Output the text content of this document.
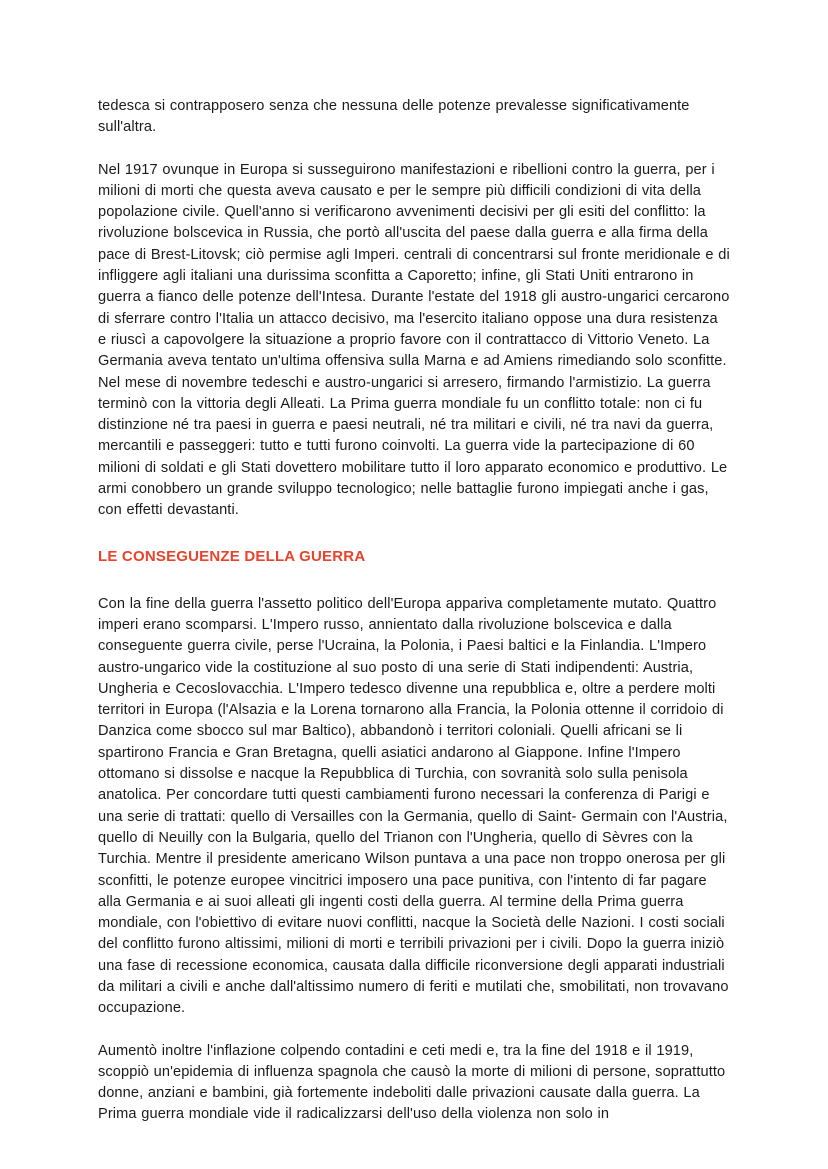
tedesca si contrapposero senza che nessuna delle potenze prevalesse significativamente sull'altra.

Nel 1917 ovunque in Europa si susseguirono manifestazioni e ribellioni contro la guerra, per i milioni di morti che questa aveva causato e per le sempre più difficili condizioni di vita della popolazione civile. Quell'anno si verificarono avvenimenti decisivi per gli esiti del conflitto: la rivoluzione bolscevica in Russia, che portò all'uscita del paese dalla guerra e alla firma della pace di Brest-Litovsk; ciò permise agli Imperi. centrali di concentrarsi sul fronte meridionale e di infliggere agli italiani una durissima sconfitta a Caporetto; infine, gli Stati Uniti entrarono in guerra a fianco delle potenze dell'Intesa. Durante l'estate del 1918 gli austro-ungarici cercarono di sferrare contro l'Italia un attacco decisivo, ma l'esercito italiano oppose una dura resistenza e riuscì a capovolgere la situazione a proprio favore con il contrattacco di Vittorio Veneto. La Germania aveva tentato un'ultima offensiva sulla Marna e ad Amiens rimediando solo sconfitte. Nel mese di novembre tedeschi e austro-ungarici si arresero, firmando l'armistizio. La guerra terminò con la vittoria degli Alleati. La Prima guerra mondiale fu un conflitto totale: non ci fu distinzione né tra paesi in guerra e paesi neutrali, né tra militari e civili, né tra navi da guerra, mercantili e passeggeri: tutto e tutti furono coinvolti. La guerra vide la partecipazione di 60 milioni di soldati e gli Stati dovettero mobilitare tutto il loro apparato economico e produttivo. Le armi conobbero un grande sviluppo tecnologico; nelle battaglie furono impiegati anche i gas, con effetti devastanti.

LE CONSEGUENZE DELLA GUERRA

Con la fine della guerra l'assetto politico dell'Europa appariva completamente mutato. Quattro imperi erano scomparsi. L'Impero russo, annientato dalla rivoluzione bolscevica e dalla conseguente guerra civile, perse l'Ucraina, la Polonia, i Paesi baltici e la Finlandia. L'Impero austro-ungarico vide la costituzione al suo posto di una serie di Stati indipendenti: Austria, Ungheria e Cecoslovacchia. L'Impero tedesco divenne una repubblica e, oltre a perdere molti territori in Europa (l'Alsazia e la Lorena tornarono alla Francia, la Polonia ottenne il corridoio di Danzica come sbocco sul mar Baltico), abbandonò i territori coloniali. Quelli africani se li spartirono Francia e Gran Bretagna, quelli asiatici andarono al Giappone. Infine l'Impero ottomano si dissolse e nacque la Repubblica di Turchia, con sovranità solo sulla penisola anatolica. Per concordare tutti questi cambiamenti furono necessari la conferenza di Parigi e una serie di trattati: quello di Versailles con la Germania, quello di Saint- Germain con l'Austria, quello di Neuilly con la Bulgaria, quello del Trianon con l'Ungheria, quello di Sèvres con la Turchia. Mentre il presidente americano Wilson puntava a una pace non troppo onerosa per gli sconfitti, le potenze europee vincitrici imposero una pace punitiva, con l'intento di far pagare alla Germania e ai suoi alleati gli ingenti costi della guerra. Al termine della Prima guerra mondiale, con l'obiettivo di evitare nuovi conflitti, nacque la Società delle Nazioni. I costi sociali del conflitto furono altissimi, milioni di morti e terribili privazioni per i civili. Dopo la guerra iniziò una fase di recessione economica, causata dalla difficile riconversione degli apparati industriali da militari a civili e anche dall'altissimo numero di feriti e mutilati che, smobilitati, non trovavano occupazione.

Aumentò inoltre l'inflazione colpendo contadini e ceti medi e, tra la fine del 1918 e il 1919, scoppiò un'epidemia di influenza spagnola che causò la morte di milioni di persone, soprattutto donne, anziani e bambini, già fortemente indeboliti dalle privazioni causate dalla guerra. La Prima guerra mondiale vide il radicalizzarsi dell'uso della violenza non solo in
